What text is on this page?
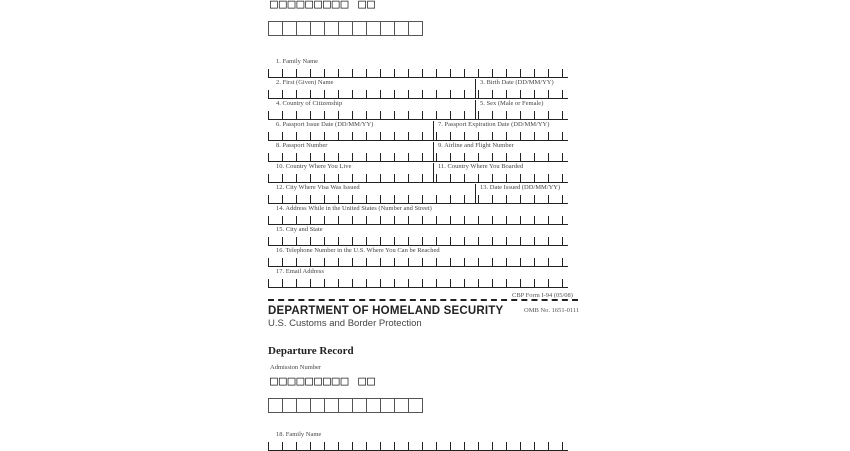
□□□□□□□□□ □□
1. Family Name
2. First (Given) Name	3. Birth Date (DD/MM/YY)
4. Country of Citizenship	5. Sex (Male or Female)
6. Passport Issue Date (DD/MM/YY)	7. Passport Expiration Date (DD/MM/YY)
8. Passport Number	9. Airline and Flight Number
10. Country Where You Live	11. Country Where You Boarded
12. City Where Visa Was Issued	13. Date Issued (DD/MM/YY)
14. Address While in the United States (Number and Street)
15. City and State
16. Telephone Number in the U.S. Where You Can be Reached
17. Email Address
CBP Form I-94 (05/08)
DEPARTMENT OF HOMELAND SECURITY	OMB No. 1651-0111
U.S. Customs and Border Protection
Departure Record
Admission Number
□□□□□□□□□ □□
18. Family Name
